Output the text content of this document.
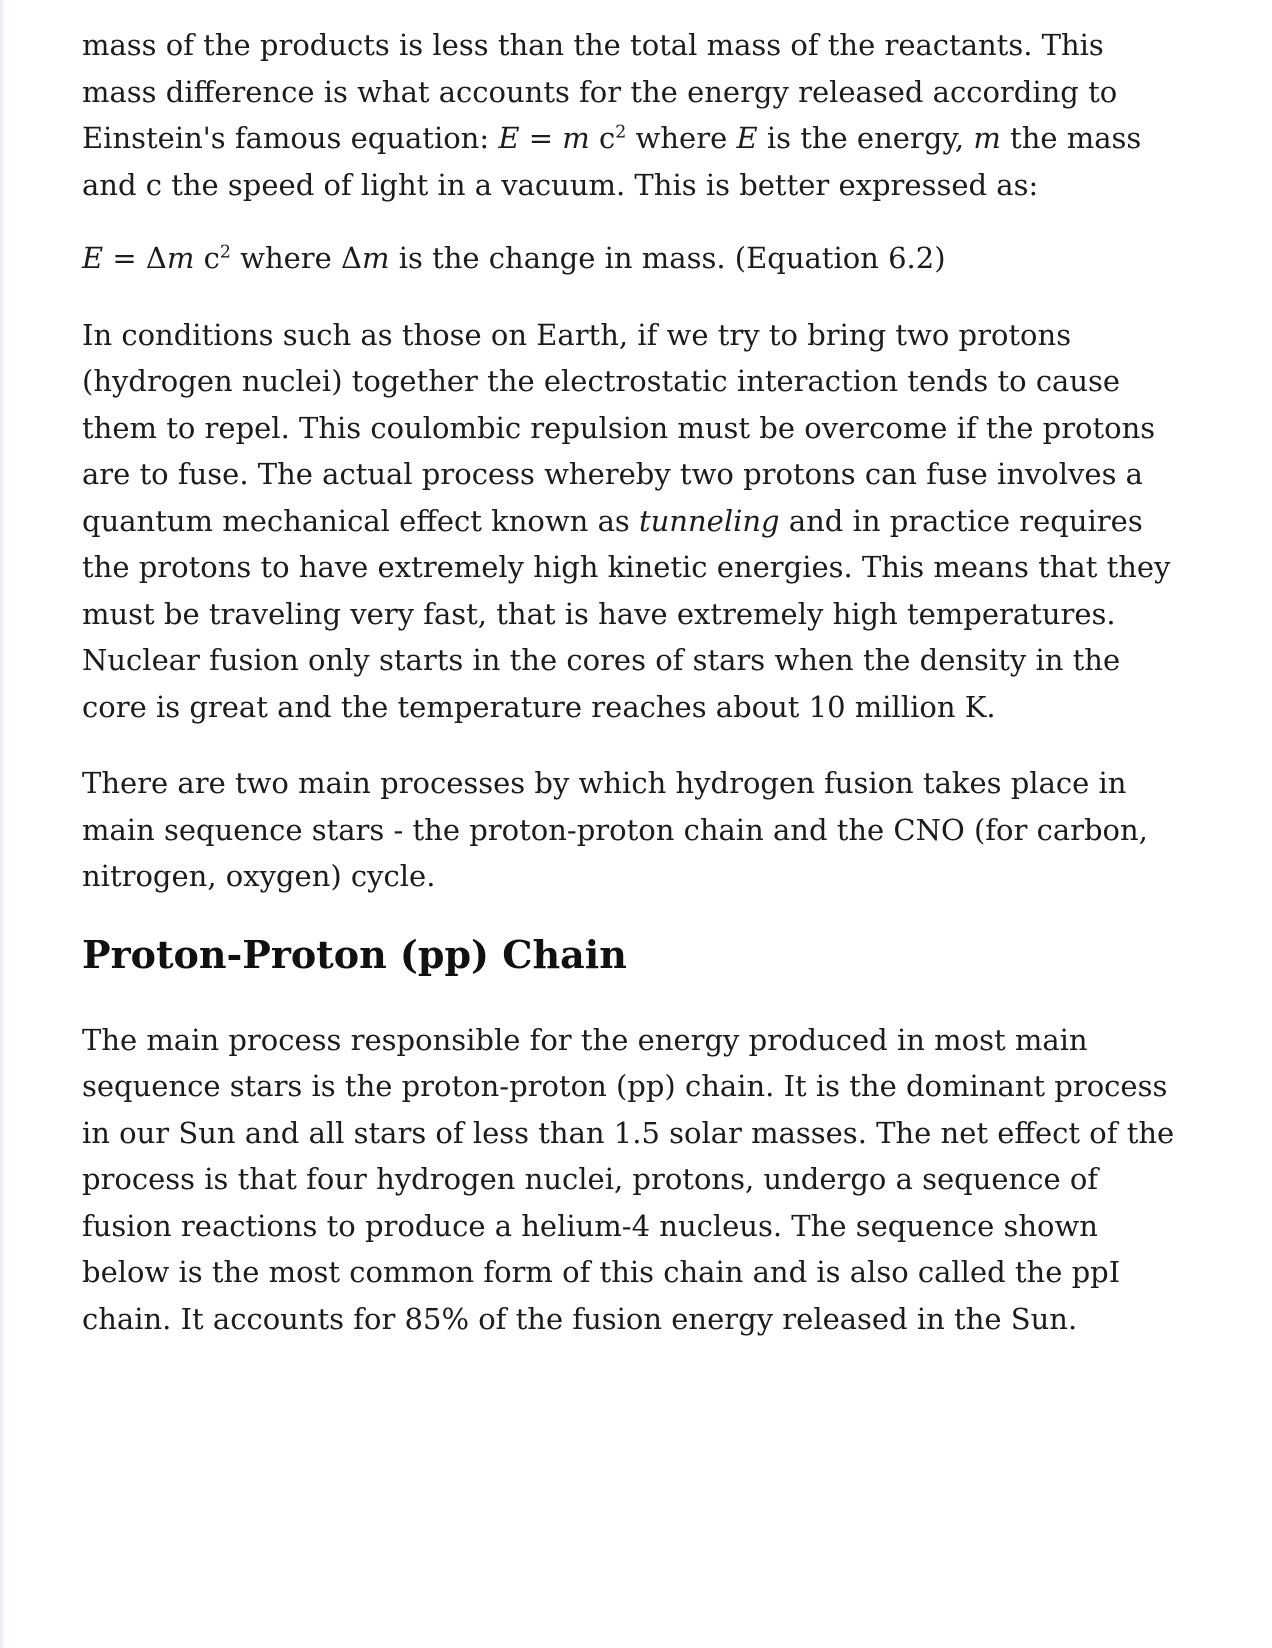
mass of the products is less than the total mass of the reactants. This mass difference is what accounts for the energy released according to Einstein's famous equation: E = m $c^2$ where E is the energy, m the mass and c the speed of light in a vacuum. This is better expressed as:

E = Δm $c^2$ where Δm is the change in mass. (Equation 6.2)

In conditions such as those on Earth, if we try to bring two protons (hydrogen nuclei) together the electrostatic interaction tends to cause them to repel. This coulombic repulsion must be overcome if the protons are to fuse. The actual process whereby two protons can fuse involves a quantum mechanical effect known as tunneling and in practice requires the protons to have extremely high kinetic energies. This means that they must be traveling very fast, that is have extremely high temperatures. Nuclear fusion only starts in the cores of stars when the density in the core is great and the temperature reaches about 10 million K.

There are two main processes by which hydrogen fusion takes place in main sequence stars - the proton-proton chain and the CNO (for carbon, nitrogen, oxygen) cycle.

Proton-Proton (pp) Chain

The main process responsible for the energy produced in most main sequence stars is the proton-proton (pp) chain. It is the dominant process in our Sun and all stars of less than 1.5 solar masses. The net effect of the process is that four hydrogen nuclei, protons, undergo a sequence of fusion reactions to produce a helium-4 nucleus. The sequence shown below is the most common form of this chain and is also called the ppI chain. It accounts for 85% of the fusion energy released in the Sun.
